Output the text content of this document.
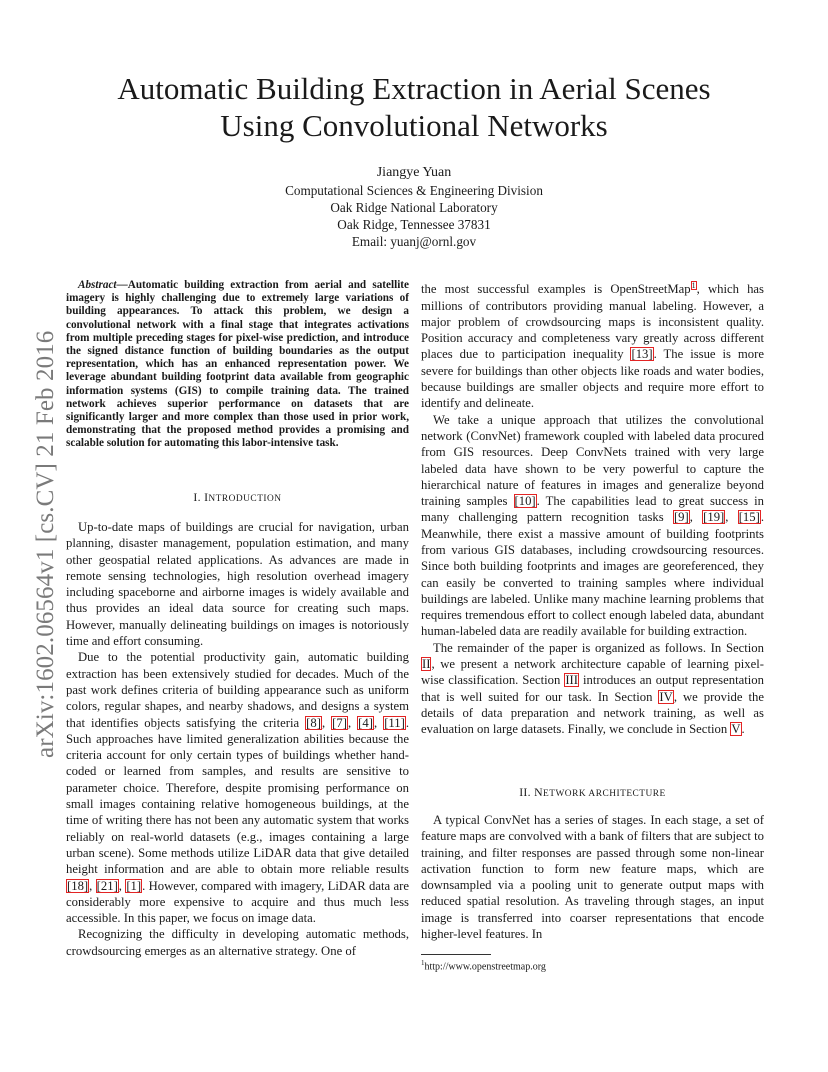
Automatic Building Extraction in Aerial Scenes
Using Convolutional Networks
Jiangye Yuan
Computational Sciences & Engineering Division
Oak Ridge National Laboratory
Oak Ridge, Tennessee 37831
Email: yuanj@ornl.gov
arXiv:1602.06564v1 [cs.CV] 21 Feb 2016
Abstract—Automatic building extraction from aerial and satellite imagery is highly challenging due to extremely large variations of building appearances. To attack this problem, we design a convolutional network with a final stage that integrates activations from multiple preceding stages for pixel-wise prediction, and introduce the signed distance function of building boundaries as the output representation, which has an enhanced representation power. We leverage abundant building footprint data available from geographic information systems (GIS) to compile training data. The trained network achieves superior performance on datasets that are significantly larger and more complex than those used in prior work, demonstrating that the proposed method provides a promising and scalable solution for automating this labor-intensive task.
I. INTRODUCTION

Up-to-date maps of buildings are crucial for navigation, urban planning, disaster management, population estimation, and many other geospatial related applications. As advances are made in remote sensing technologies, high resolution overhead imagery including spaceborne and airborne images is widely available and thus provides an ideal data source for creating such maps. However, manually delineating buildings on images is notoriously time and effort consuming.

Due to the potential productivity gain, automatic building extraction has been extensively studied for decades. Much of the past work defines criteria of building appearance such as uniform colors, regular shapes, and nearby shadows, and designs a system that identifies objects satisfying the criteria [8], [7], [4], [11]. Such approaches have limited generalization abilities because the criteria account for only certain types of buildings whether hand-coded or learned from samples, and results are sensitive to parameter choice. Therefore, despite promising performance on small images containing relative homogeneous buildings, at the time of writing there has not been any automatic system that works reliably on real-world datasets (e.g., images containing a large urban scene). Some methods utilize LiDAR data that give detailed height information and are able to obtain more reliable results [18], [21], [1]. However, compared with imagery, LiDAR data are considerably more expensive to acquire and thus much less accessible. In this paper, we focus on image data.

Recognizing the difficulty in developing automatic methods, crowdsourcing emerges as an alternative strategy. One of

the most successful examples is OpenStreetMap$^1$, which has millions of contributors providing manual labeling. However, a major problem of crowdsourcing maps is inconsistent quality. Position accuracy and completeness vary greatly across different places due to participation inequality [13]. The issue is more severe for buildings than other objects like roads and water bodies, because buildings are smaller objects and require more effort to identify and delineate.

We take a unique approach that utilizes the convolutional network (ConvNet) framework coupled with labeled data procured from GIS resources. Deep ConvNets trained with very large labeled data have shown to be very powerful to capture the hierarchical nature of features in images and generalize beyond training samples [10]. The capabilities lead to great success in many challenging pattern recognition tasks [9], [19], [15]. Meanwhile, there exist a massive amount of building footprints from various GIS databases, including crowdsourcing resources. Since both building footprints and images are georeferenced, they can easily be converted to training samples where individual buildings are labeled. Unlike many machine learning problems that requires tremendous effort to collect enough labeled data, abundant human-labeled data are readily available for building extraction.

The remainder of the paper is organized as follows. In Section II, we present a network architecture capable of learning pixel-wise classification. Section III introduces an output representation that is well suited for our task. In Section IV, we provide the details of data preparation and network training, as well as evaluation on large datasets. Finally, we conclude in Section V.

II. NETWORK ARCHITECTURE

A typical ConvNet has a series of stages. In each stage, a set of feature maps are convolved with a bank of filters that are subject to training, and filter responses are passed through some non-linear activation function to form new feature maps, which are downsampled via a pooling unit to generate output maps with reduced spatial resolution. As traveling through stages, an input image is transferred into coarser representations that encode higher-level features. In

$^1$http://www.openstreetmap.org
